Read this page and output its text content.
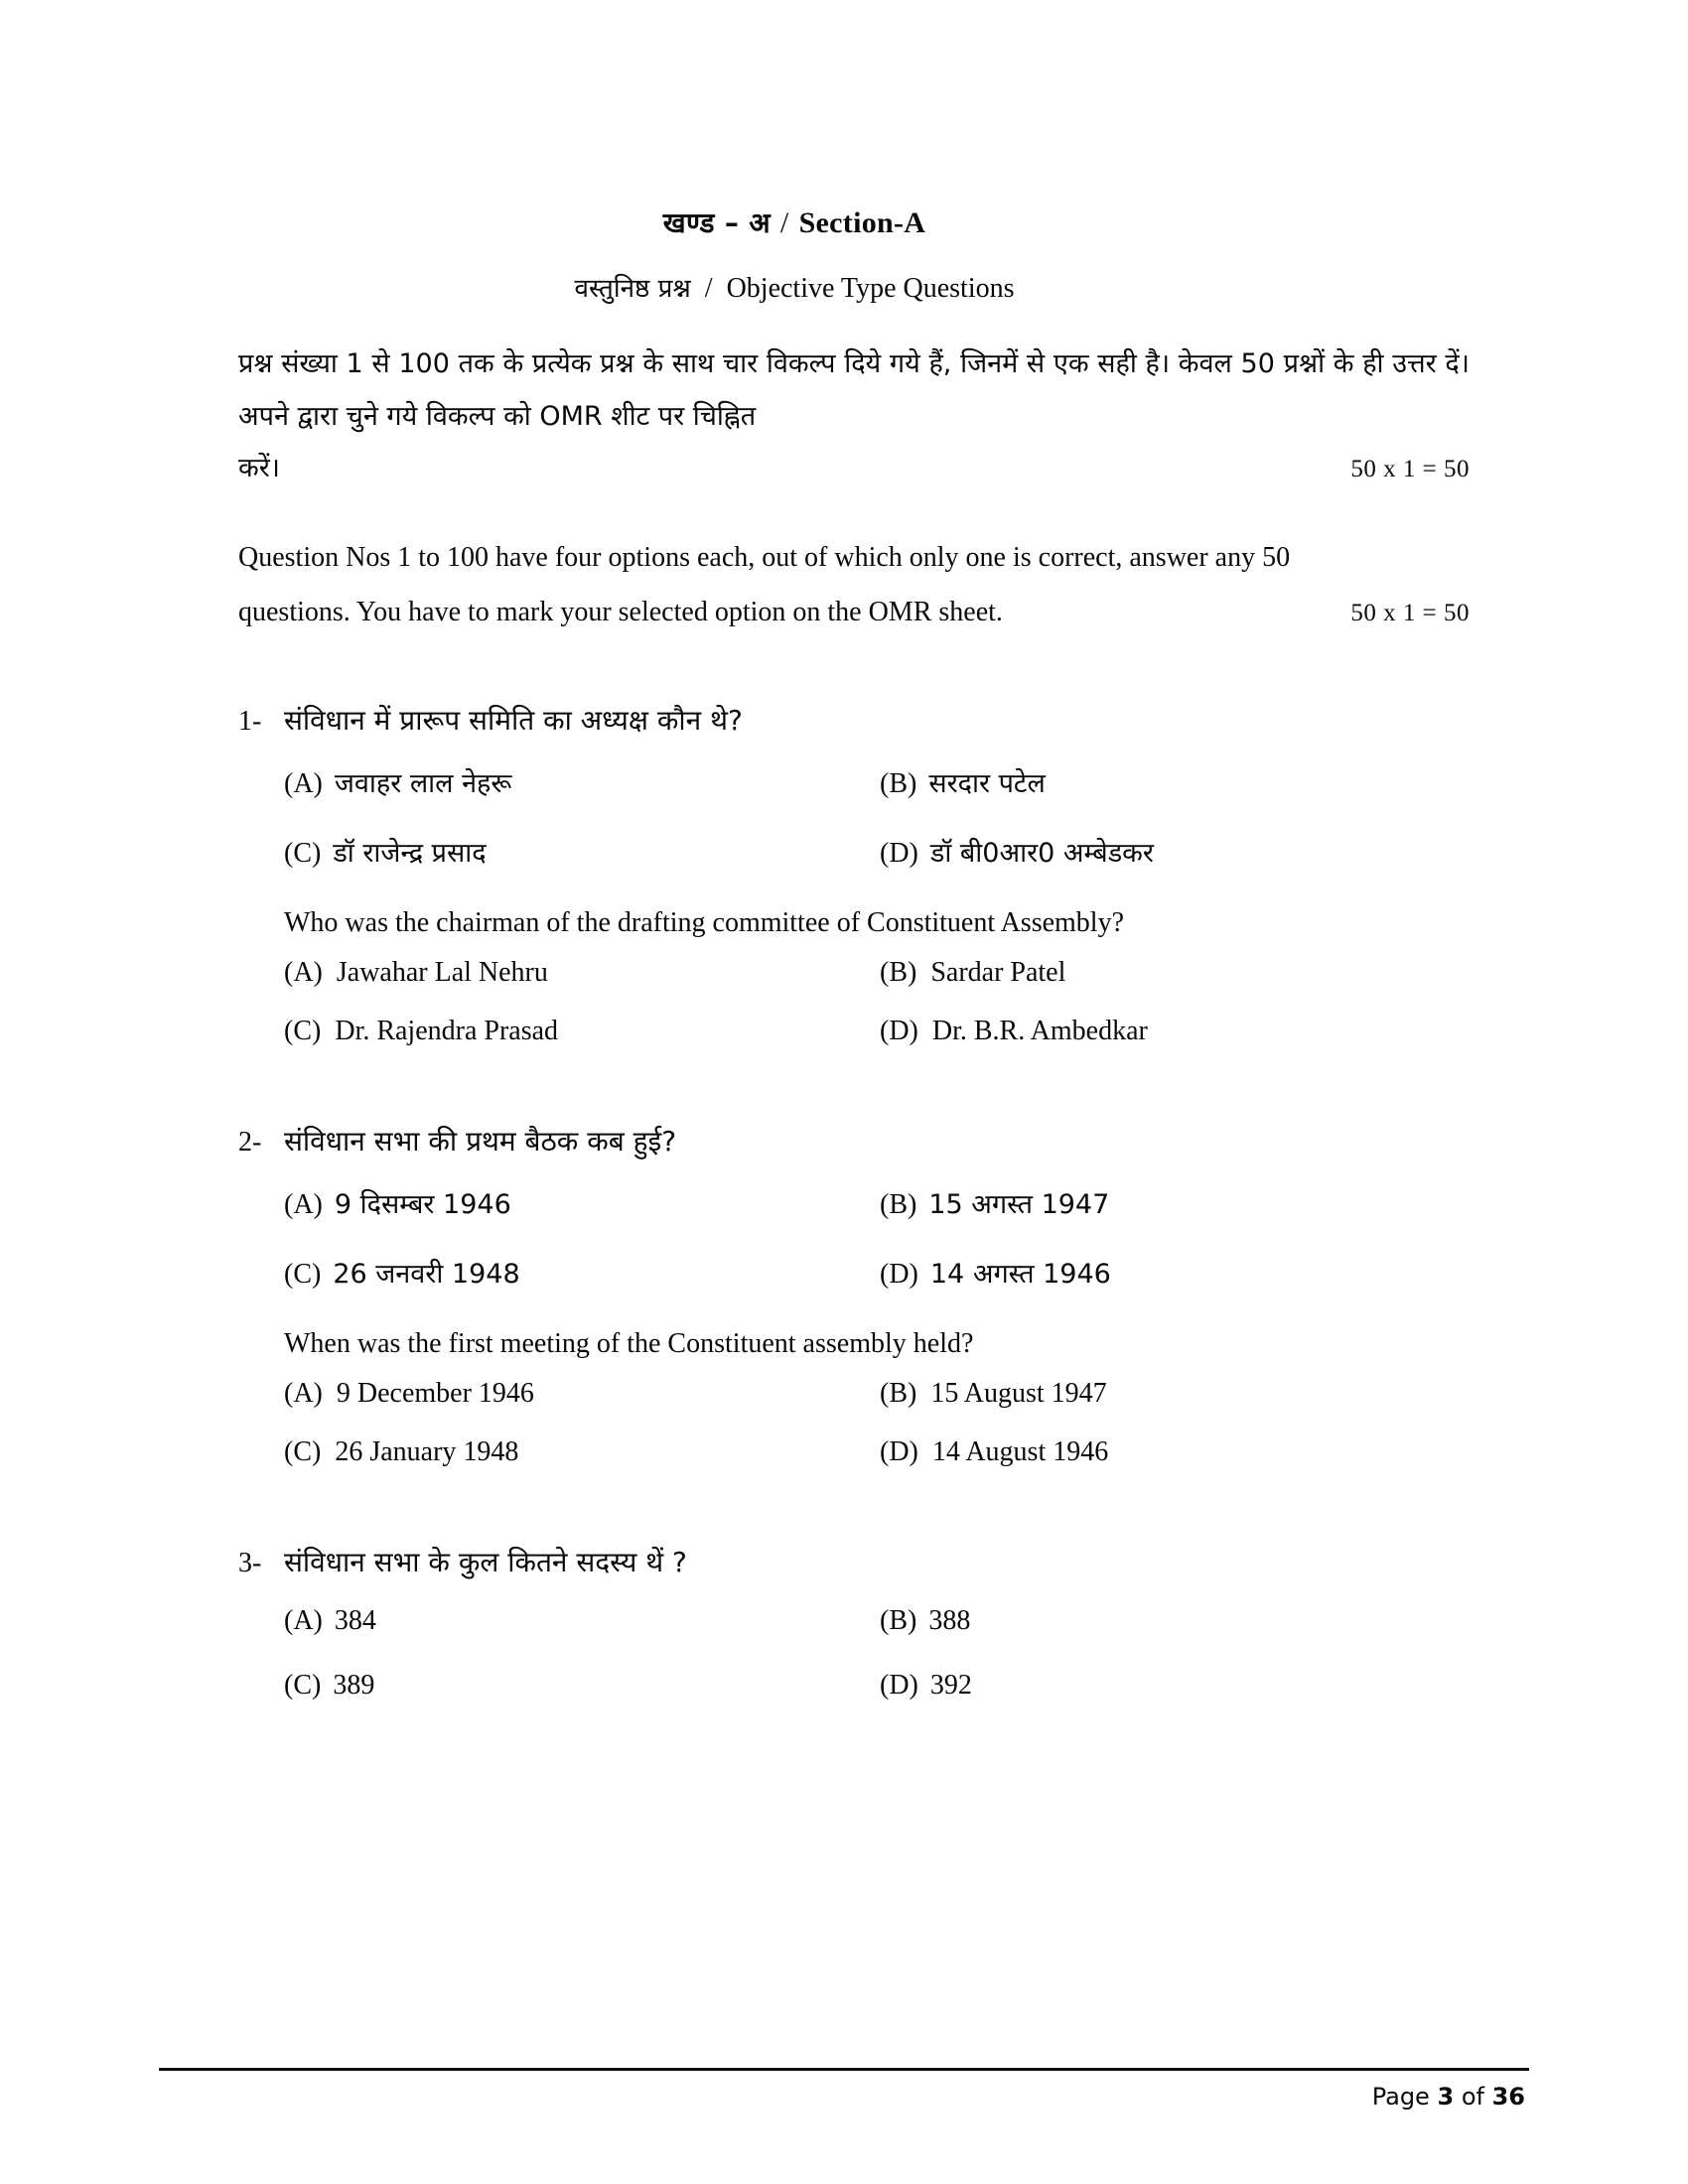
खण्ड – अ / Section-A
वस्तुनिष्ठ प्रश्न / Objective Type Questions
प्रश्न संख्या 1 से 100 तक के प्रत्येक प्रश्न के साथ चार विकल्प दिये गये हैं, जिनमें से एक सही है। केवल 50 प्रश्नों के ही उत्तर दें। अपने द्वारा चुने गये विकल्प को OMR शीट पर चिह्नित
करें।	50 x 1 = 50
Question Nos 1 to 100 have four options each, out of which only one is correct, answer any 50
questions. You have to mark your selected option on the OMR sheet.	50 x 1 = 50
1- संविधान में प्रारूप समिति का अध्यक्ष कौन थे?
(A) जवाहर लाल नेहरू	(B) सरदार पटेल
(C) डॉ राजेन्द्र प्रसाद	(D) डॉ बी0आर0 अम्बेडकर
Who was the chairman of the drafting committee of Constituent Assembly?
(A) Jawahar Lal Nehru	(B) Sardar Patel
(C) Dr. Rajendra Prasad	(D) Dr. B.R. Ambedkar
2- संविधान सभा की प्रथम बैठक कब हुई?
(A) 9 दिसम्बर 1946	(B) 15 अगस्त 1947
(C) 26 जनवरी 1948	(D) 14 अगस्त 1946
When was the first meeting of the Constituent assembly held?
(A) 9 December 1946	(B) 15 August 1947
(C) 26 January 1948	(D) 14 August 1946
3- संविधान सभा के कुल कितने सदस्य थें ?
(A) 384	(B) 388
(C) 389	(D) 392
Page 3 of 36
